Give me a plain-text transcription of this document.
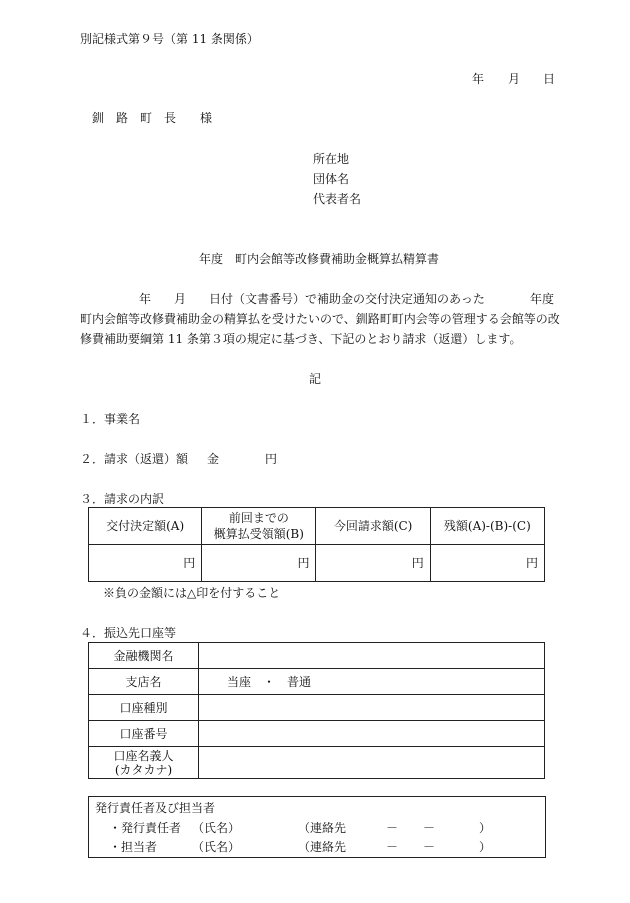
別記様式第９号（第 11 条関係）
年 月 日
釧　路　町　長　　様
所在地
団体名
代表者名
年度　町内会館等改修費補助金概算払精算書
年 月 日付（文書番号）で補助金の交付決定通知のあった	年度
町内会館等改修費補助金の精算払を受けたいので、釧路町町内会等の管理する会館等の改
修費補助要綱第 11 条第３項の規定に基づき、下記のとおり請求（返還）します。
記
１．事業名
２．請求（返還）額 金	円
３．請求の内訳
交付決定額(A)	前回までの
概算払受領額(B)	今回請求額(C)	残額(A)-(B)-(C)
円	円	円	円
※負の金額には△印を付すること
４．振込先口座等
金融機関名	
支店名	当座　・　普通
口座種別	
口座番号	

口座名義人
(カタカナ)	

発行責任者及び担当者
・発行責任者 （氏名）	（連絡先	－ －	）
・担当者	（氏名）	（連絡先	－ －	）
